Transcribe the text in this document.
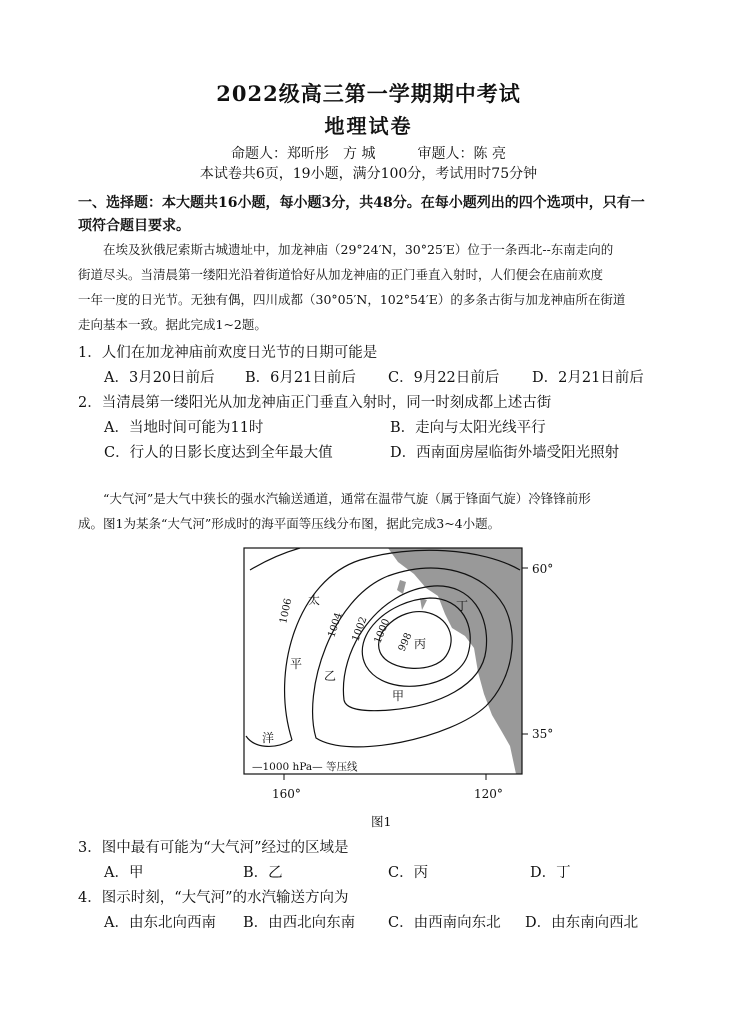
2022级高三第一学期期中考试
地理试卷
命题人：郑昕彤　方 城　　　审题人：陈 亮
本试卷共6页，19小题，满分100分，考试用时75分钟
一、选择题：本大题共16小题，每小题3分，共48分。在每小题列出的四个选项中，只有一
项符合题目要求。
　　在埃及狄俄尼索斯古城遗址中，加龙神庙（29°24′N，30°25′E）位于一条西北--东南走向的
街道尽头。当清晨第一缕阳光沿着街道恰好从加龙神庙的正门垂直入射时，人们便会在庙前欢度
一年一度的日光节。无独有偶，四川成都（30°05′N，102°54′E）的多条古街与加龙神庙所在街道
走向基本一致。据此完成1~2题。
1．人们在加龙神庙前欢度日光节的日期可能是
A．3月20日前后 B．6月21日前后 C．9月22日前后 D．2月21日前后
2．当清晨第一缕阳光从加龙神庙正门垂直入射时，同一时刻成都上述古街
A．当地时间可能为11时	B．走向与太阳光线平行
C．行人的日影长度达到全年最大值	D．西南面房屋临街外墙受阳光照射
　　“大气河”是大气中狭长的强水汽输送通道，通常在温带气旋（属于锋面气旋）冷锋锋前形
成。图1为某条“大气河”形成时的海平面等压线分布图，据此完成3~4小题。
60°
35°
160°	120°
1006
1004 1002 1000 998
太
平
洋
乙
甲
丙
丁
—1000 hPa— 等压线
图1
3．图中最有可能为“大气河”经过的区域是
A．甲	B．乙	C．丙	D．丁
4．图示时刻，“大气河”的水汽输送方向为
A．由东北向西南 B．由西北向东南 C．由西南向东北 D．由东南向西北
